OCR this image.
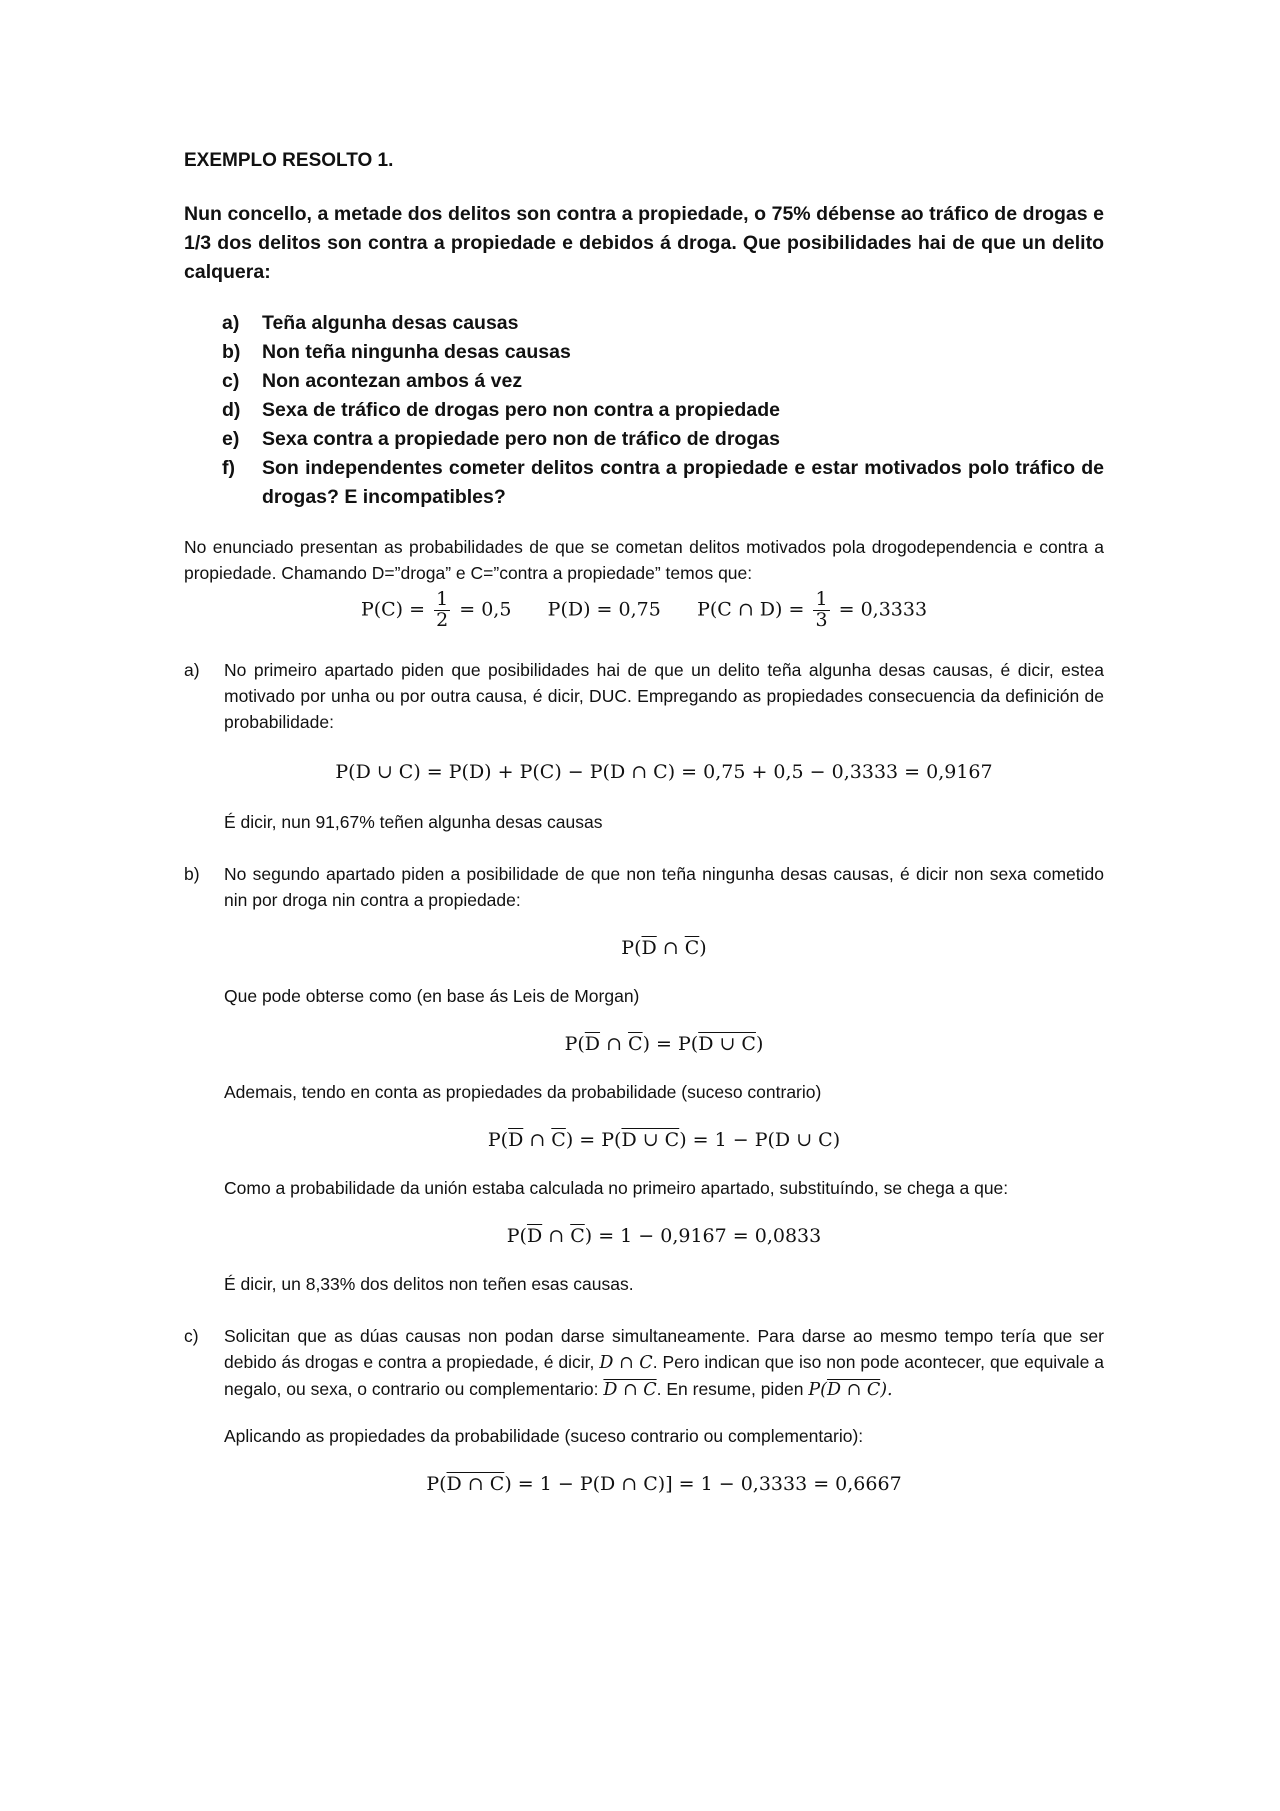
EXEMPLO RESOLTO 1.

Nun concello, a metade dos delitos son contra a propiedade, o 75% débense ao tráfico de drogas e 1/3 dos delitos son contra a propiedade e debidos á droga. Que posibilidades hai de que un delito calquera:

a)	Teña algunha desas causas
b)	Non teña ningunha desas causas
c)	Non acontezan ambos á vez
d)	Sexa de tráfico de drogas pero non contra a propiedade
e)	Sexa contra a propiedade pero non de tráfico de drogas
f)	Son independentes cometer delitos contra a propiedade e estar motivados polo tráfico de drogas? E incompatibles?

No enunciado presentan as probabilidades de que se cometan delitos motivados pola drogodependencia e contra a propiedade. Chamando D=”droga” e C=”contra a propiedade” temos que:

$P(C) = \frac{1}{2} = 0,5$ P(D) = 0,75 P(C ∩ $D) = \frac{1}{3} = 0,3333$
a)	No primeiro apartado piden que posibilidades hai de que un delito teña algunha desas causas, é dicir, estea motivado por unha ou por outra causa, é dicir, DUC. Empregando as propiedades consecuencia da definición de probabilidade:

P(D ∪ C) = P(D) + P(C) − P(D ∩ C) = 0,75 + 0,5 − 0,3333 = 0,9167

É dicir, nun 91,67% teñen algunha desas causas

b)	No segundo apartado piden a posibilidade de que non teña ningunha desas causas, é dicir non sexa cometido nin por droga nin contra a propiedade:

$P(\overline{D}$ ∩ $\overline{C}$)

Que pode obterse como (en base ás Leis de Morgan)

$P(\overline{D}$ ∩ $\overline{C}) = P(D$ ∪ C)

Ademais, tendo en conta as propiedades da probabilidade (suceso contrario)

$P(\overline{D}$ ∩ $\overline{C}) = P(D$ ∪ C) = 1 − P(D ∪ C)

Como a probabilidade da unión estaba calculada no primeiro apartado, substituíndo, se chega a que:

$P(\overline{D}$ ∩ $\overline{C}) = 1 - 0,9167 = 0,0833$

É dicir, un 8,33% dos delitos non teñen esas causas.

c)	Solicitan que as dúas causas non podan darse simultaneamente. Para darse ao mesmo tempo tería que ser debido ás drogas e contra a propiedade, é dicir, D ∩ C. Pero indican que iso non pode acontecer, que equivale a negalo, ou sexa, o contrario ou complementario: D ∩ C. En resume, piden P(D ∩ C).

Aplicando as propiedades da probabilidade (suceso contrario ou complementario):

P(D ∩ C) = 1 − P(D ∩ C)] = 1 − 0,3333 = 0,6667
